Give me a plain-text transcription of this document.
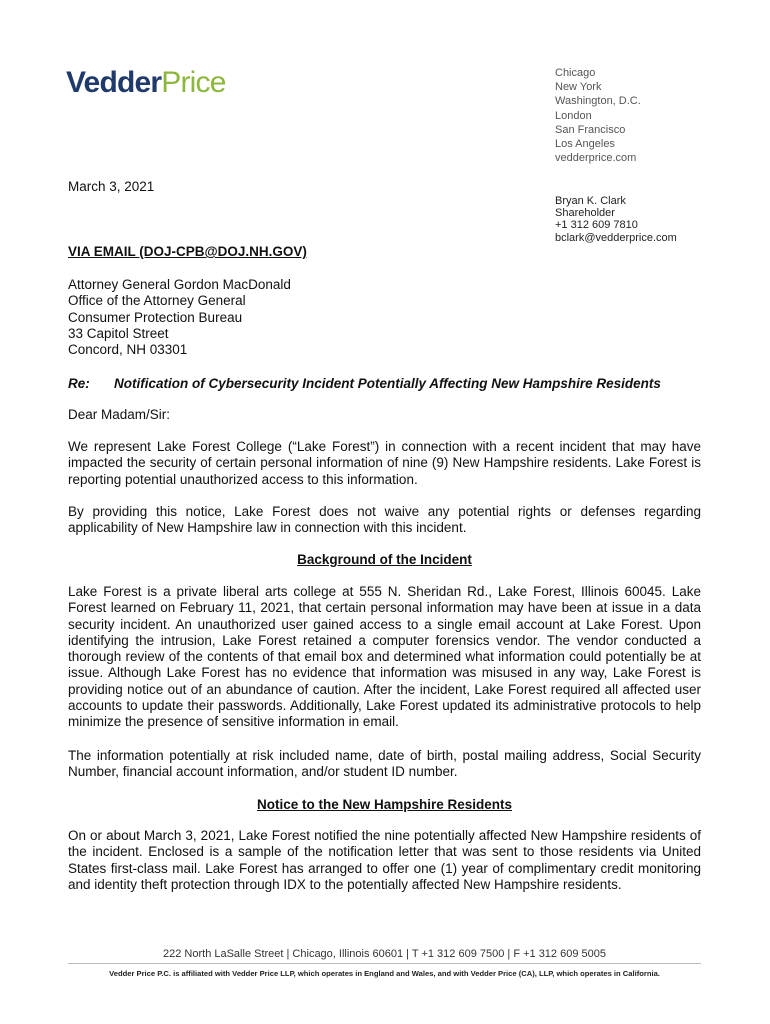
VedderPrice	Chicago
New York
Washington, D.C.
London
San Francisco
Los Angeles
vedderprice.com
March 3, 2021
Bryan K. Clark
Shareholder
+1 312 609 7810
bclark@vedderprice.com
VIA EMAIL (DOJ-CPB@DOJ.NH.GOV)
Attorney General Gordon MacDonald
Office of the Attorney General
Consumer Protection Bureau
33 Capitol Street
Concord, NH 03301
Re: Notification of Cybersecurity Incident Potentially Affecting New Hampshire Residents
Dear Madam/Sir:
We represent Lake Forest College (“Lake Forest”) in connection with a recent incident that may have impacted the security of certain personal information of nine (9) New Hampshire residents. Lake Forest is reporting potential unauthorized access to this information.
By providing this notice, Lake Forest does not waive any potential rights or defenses regarding applicability of New Hampshire law in connection with this incident.
Background of the Incident
Lake Forest is a private liberal arts college at 555 N. Sheridan Rd., Lake Forest, Illinois 60045. Lake Forest learned on February 11, 2021, that certain personal information may have been at issue in a data security incident. An unauthorized user gained access to a single email account at Lake Forest. Upon identifying the intrusion, Lake Forest retained a computer forensics vendor. The vendor conducted a thorough review of the contents of that email box and determined what information could potentially be at issue. Although Lake Forest has no evidence that information was misused in any way, Lake Forest is providing notice out of an abundance of caution. After the incident, Lake Forest required all affected user accounts to update their passwords. Additionally, Lake Forest updated its administrative protocols to help minimize the presence of sensitive information in email.
The information potentially at risk included name, date of birth, postal mailing address, Social Security Number, financial account information, and/or student ID number.
Notice to the New Hampshire Residents
On or about March 3, 2021, Lake Forest notified the nine potentially affected New Hampshire residents of the incident. Enclosed is a sample of the notification letter that was sent to those residents via United States first-class mail. Lake Forest has arranged to offer one (1) year of complimentary credit monitoring and identity theft protection through IDX to the potentially affected New Hampshire residents.
222 North LaSalle Street | Chicago, Illinois 60601 | T +1 312 609 7500 | F +1 312 609 5005
Vedder Price P.C. is affiliated with Vedder Price LLP, which operates in England and Wales, and with Vedder Price (CA), LLP, which operates in California.
